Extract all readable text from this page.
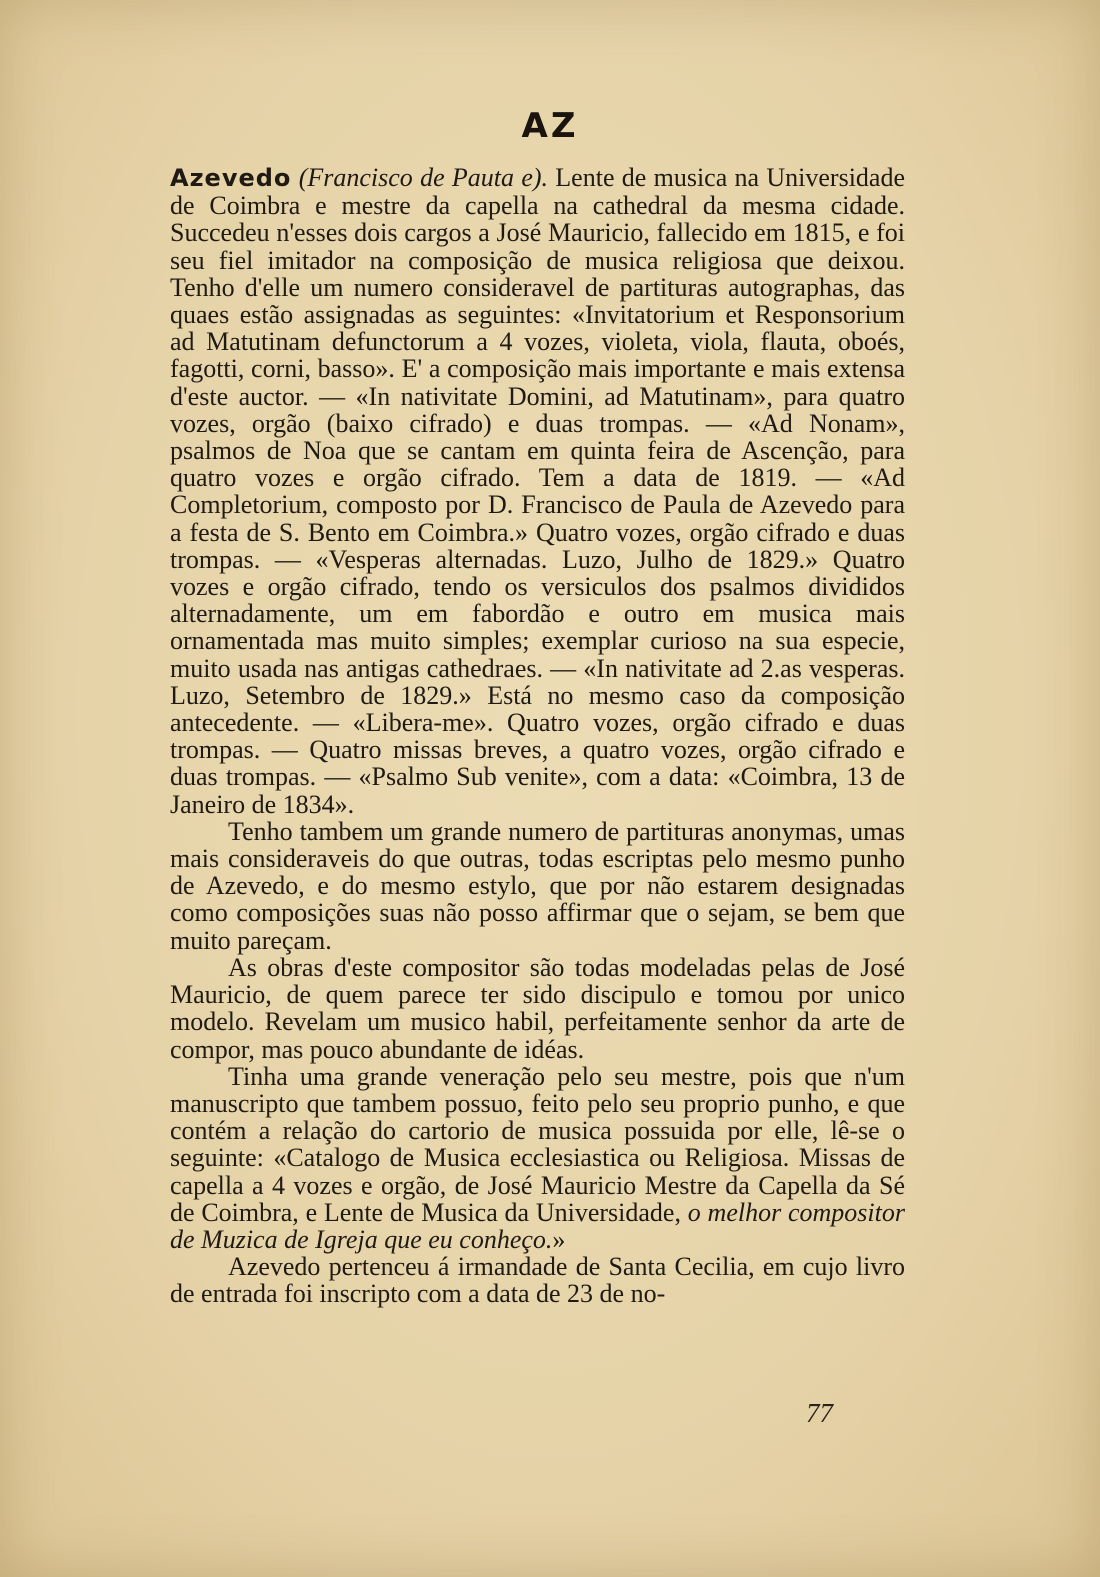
AZ

Azevedo (Francisco de Pauta e). Lente de musica na Universidade de Coimbra e mestre da capella na cathedral da mesma cidade. Succedeu n'esses dois cargos a José Mauricio, fallecido em 1815, e foi seu fiel imitador na composição de musica religiosa que deixou. Tenho d'elle um numero consideravel de partituras autographas, das quaes estão assignadas as seguintes: «Invitatorium et Responsorium ad Matutinam defunctorum a 4 vozes, violeta, viola, flauta, oboés, fagotti, corni, basso». E' a composição mais importante e mais extensa d'este auctor. — «In nativitate Domini, ad Matutinam», para quatro vozes, orgão (baixo cifrado) e duas trompas. — «Ad Nonam», psalmos de Noa que se cantam em quinta feira de Ascenção, para quatro vozes e orgão cifrado. Tem a data de 1819. — «Ad Completorium, composto por D. Francisco de Paula de Azevedo para a festa de S. Bento em Coimbra.» Quatro vozes, orgão cifrado e duas trompas. — «Vesperas alternadas. Luzo, Julho de 1829.» Quatro vozes e orgão cifrado, tendo os versiculos dos psalmos divididos alternadamente, um em fabordão e outro em musica mais ornamentada mas muito simples; exemplar curioso na sua especie, muito usada nas antigas cathedraes. — «In nativitate ad 2.as vesperas. Luzo, Setembro de 1829.» Está no mesmo caso da composição antecedente. — «Libera-me». Quatro vozes, orgão cifrado e duas trompas. — Quatro missas breves, a quatro vozes, orgão cifrado e duas trompas. — «Psalmo Sub venite», com a data: «Coimbra, 13 de Janeiro de 1834».

Tenho tambem um grande numero de partituras anonymas, umas mais consideraveis do que outras, todas escriptas pelo mesmo punho de Azevedo, e do mesmo estylo, que por não estarem designadas como composições suas não posso affirmar que o sejam, se bem que muito pareçam.

As obras d'este compositor são todas modeladas pelas de José Mauricio, de quem parece ter sido discipulo e tomou por unico modelo. Revelam um musico habil, perfeitamente senhor da arte de compor, mas pouco abundante de idéas.

Tinha uma grande veneração pelo seu mestre, pois que n'um manuscripto que tambem possuo, feito pelo seu proprio punho, e que contém a relação do cartorio de musica possuida por elle, lê-se o seguinte: «Catalogo de Musica ecclesiastica ou Religiosa. Missas de capella a 4 vozes e orgão, de José Mauricio Mestre da Capella da Sé de Coimbra, e Lente de Musica da Universidade, o melhor compositor de Muzica de Igreja que eu conheço.»

Azevedo pertenceu á irmandade de Santa Cecilia, em cujo livro de entrada foi inscripto com a data de 23 de no-

77
